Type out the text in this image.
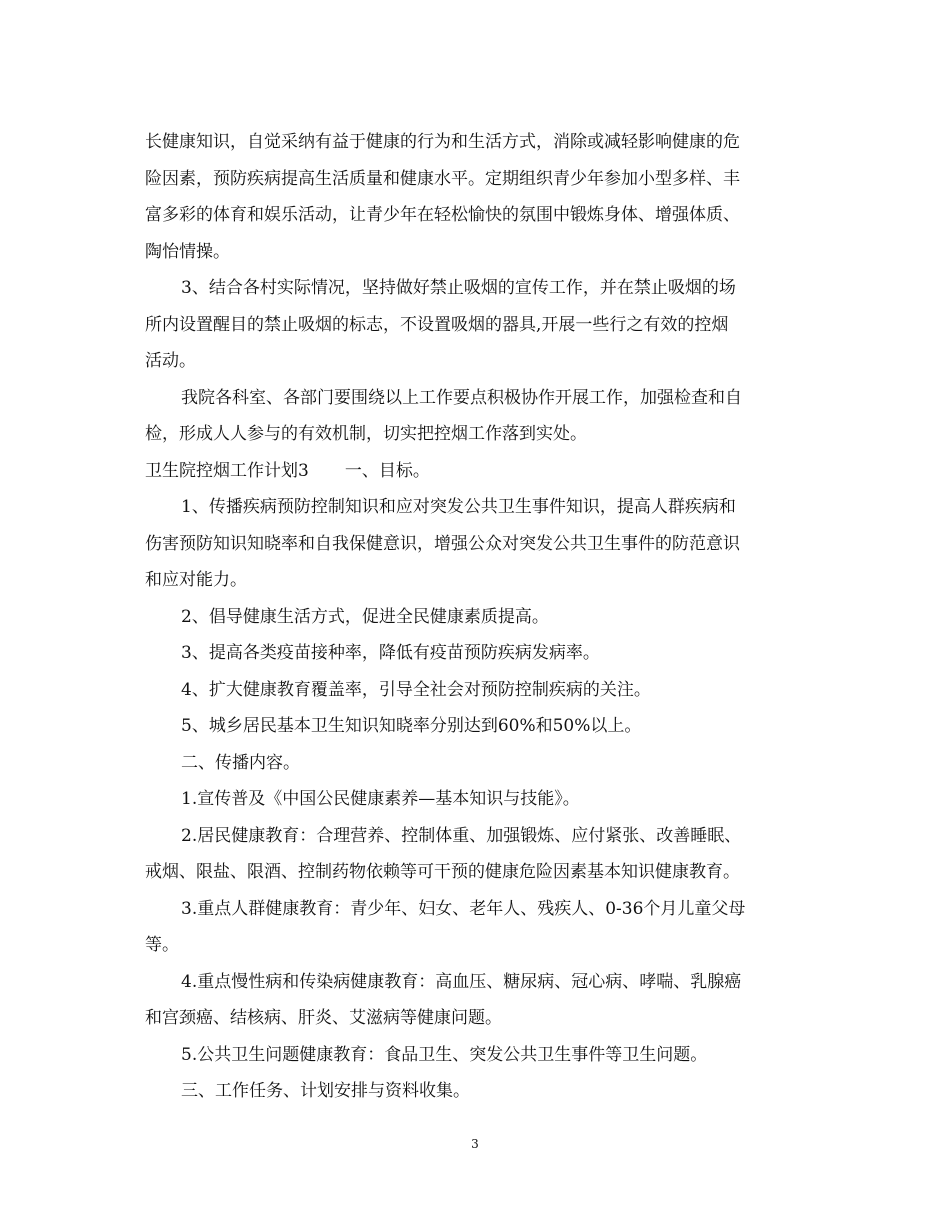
长健康知识，自觉采纳有益于健康的行为和生活方式，消除或减轻影响健康的危
险因素，预防疾病提高生活质量和健康水平。定期组织青少年参加小型多样、丰
富多彩的体育和娱乐活动，让青少年在轻松愉快的氛围中锻炼身体、增强体质、
陶怡情操。
3、结合各村实际情况，坚持做好禁止吸烟的宣传工作，并在禁止吸烟的场
所内设置醒目的禁止吸烟的标志，不设置吸烟的器具,开展一些行之有效的控烟
活动。
我院各科室、各部门要围绕以上工作要点积极协作开展工作，加强检查和自
检，形成人人参与的有效机制，切实把控烟工作落到实处。
卫生院控烟工作计划3 一、目标。
1、传播疾病预防控制知识和应对突发公共卫生事件知识，提高人群疾病和
伤害预防知识知晓率和自我保健意识，增强公众对突发公共卫生事件的防范意识
和应对能力。
2、倡导健康生活方式，促进全民健康素质提高。
3、提高各类疫苗接种率，降低有疫苗预防疾病发病率。
4、扩大健康教育覆盖率，引导全社会对预防控制疾病的关注。
5、城乡居民基本卫生知识知晓率分别达到60%和50%以上。
二、传播内容。
1.宣传普及《中国公民健康素养—基本知识与技能》。
2.居民健康教育：合理营养、控制体重、加强锻炼、应付紧张、改善睡眠、
戒烟、限盐、限酒、控制药物依赖等可干预的健康危险因素基本知识健康教育。
3.重点人群健康教育：青少年、妇女、老年人、残疾人、0-36个月儿童父母
等。
4.重点慢性病和传染病健康教育：高血压、糖尿病、冠心病、哮喘、乳腺癌
和宫颈癌、结核病、肝炎、艾滋病等健康问题。
5.公共卫生问题健康教育：食品卫生、突发公共卫生事件等卫生问题。
三、工作任务、计划安排与资料收集。
3
